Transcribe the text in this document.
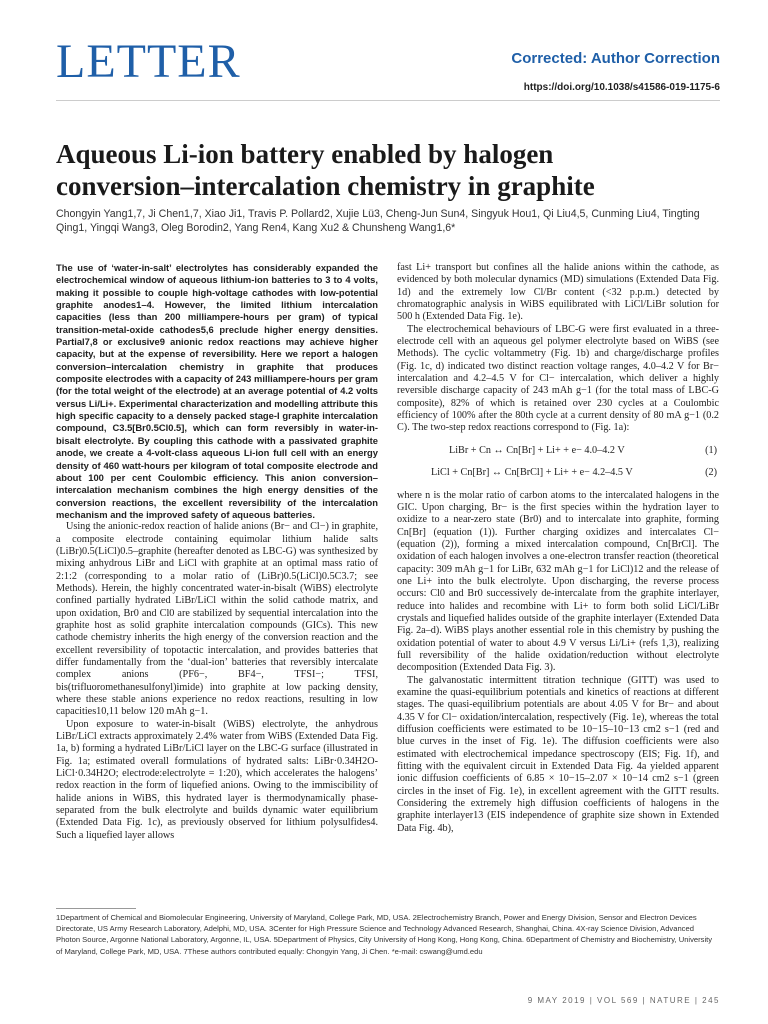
LETTER	Corrected: Author Correction
https://doi.org/10.1038/s41586-019-1175-6
Aqueous Li-ion battery enabled by halogen
conversion–intercalation chemistry in graphite
Chongyin Yang1,7, Ji Chen1,7, Xiao Ji1, Travis P. Pollard2, Xujie Lü3, Cheng-Jun Sun4, Singyuk Hou1, Qi Liu4,5, Cunming Liu4, Tingting Qing1, Yingqi Wang3, Oleg Borodin2, Yang Ren4, Kang Xu2 & Chunsheng Wang1,6*

The use of ‘water-in-salt’ electrolytes has considerably expanded the electrochemical window of aqueous lithium-ion batteries to 3 to 4 volts, making it possible to couple high-voltage cathodes with low-potential graphite anodes1–4. However, the limited lithium intercalation capacities (less than 200 milliampere-hours per gram) of typical transition-metal-oxide cathodes5,6 preclude higher energy densities. Partial7,8 or exclusive9 anionic redox reactions may achieve higher capacity, but at the expense of reversibility. Here we report a halogen conversion–intercalation chemistry in graphite that produces composite electrodes with a capacity of 243 milliampere-hours per gram (for the total weight of the electrode) at an average potential of 4.2 volts versus Li/Li+. Experimental characterization and modelling attribute this high specific capacity to a densely packed stage-I graphite intercalation compound, C3.5[Br0.5Cl0.5], which can form reversibly in water-in-bisalt electrolyte. By coupling this cathode with a passivated graphite anode, we create a 4-volt-class aqueous Li-ion full cell with an energy density of 460 watt-hours per kilogram of total composite electrode and about 100 per cent Coulombic efficiency. This anion conversion–intercalation mechanism combines the high energy densities of the conversion reactions, the excellent reversibility of the intercalation mechanism and the improved safety of aqueous batteries.

Using the anionic-redox reaction of halide anions (Br− and Cl−) in graphite, a composite electrode containing equimolar lithium halide salts (LiBr)0.5(LiCl)0.5–graphite (hereafter denoted as LBC-G) was synthesized by mixing anhydrous LiBr and LiCl with graphite at an optimal mass ratio of 2:1:2 (corresponding to a molar ratio of (LiBr)0.5(LiCl)0.5C3.7; see Methods). Herein, the highly concentrated water-in-bisalt (WiBS) electrolyte confined partially hydrated LiBr/LiCl within the solid cathode matrix, and upon oxidation, Br0 and Cl0 are stabilized by sequential intercalation into the graphite host as solid graphite intercalation compounds (GICs). This new cathode chemistry inherits the high energy of the conversion reaction and the excellent reversibility of topotactic intercalation, and provides batteries that differ fundamentally from the ‘dual-ion’ batteries that reversibly intercalate complex anions (PF6−, BF4−, TFSI−; TFSI, bis(trifluoromethanesulfonyl)imide) into graphite at low packing density, where these stable anions experience no redox reactions, resulting in low capacities10,11 below 120 mAh g−1.

Upon exposure to water-in-bisalt (WiBS) electrolyte, the anhydrous LiBr/LiCl extracts approximately 2.4% water from WiBS (Extended Data Fig. 1a, b) forming a hydrated LiBr/LiCl layer on the LBC-G surface (illustrated in Fig. 1a; estimated overall formulations of hydrated salts: LiBr·0.34H2O-LiCl·0.34H2O; electrode:electrolyte = 1:20), which accelerates the halogens’ redox reaction in the form of liquefied anions. Owing to the immiscibility of halide anions in WiBS, this hydrated layer is thermodynamically phase-separated from the bulk electrolyte and builds dynamic water equilibrium (Extended Data Fig. 1c), as previously observed for lithium polysulfides4. Such a liquefied layer allows

fast Li+ transport but confines all the halide anions within the cathode, as evidenced by both molecular dynamics (MD) simulations (Extended Data Fig. 1d) and the extremely low Cl/Br content (<32 p.p.m.) detected by chromatographic analysis in WiBS equilibrated with LiCl/LiBr solution for 500 h (Extended Data Fig. 1e).

The electrochemical behaviours of LBC-G were first evaluated in a three-electrode cell with an aqueous gel polymer electrolyte based on WiBS (see Methods). The cyclic voltammetry (Fig. 1b) and charge/discharge profiles (Fig. 1c, d) indicated two distinct reaction voltage ranges, 4.0–4.2 V for Br− intercalation and 4.2–4.5 V for Cl− intercalation, which deliver a highly reversible discharge capacity of 243 mAh g−1 (for the total mass of LBC-G composite), 82% of which is retained over 230 cycles at a Coulombic efficiency of 100% after the 80th cycle at a current density of 80 mA g−1 (0.2 C). The two-step redox reactions correspond to (Fig. 1a):

LiBr + Cn ↔ Cn[Br] + Li+ + e− 4.0–4.2 V	(1)
LiCl + Cn[Br] ↔ Cn[BrCl] + Li+ + e− 4.2–4.5 V	(2)

where n is the molar ratio of carbon atoms to the intercalated halogens in the GIC. Upon charging, Br− is the first species within the hydration layer to oxidize to a near-zero state (Br0) and to intercalate into graphite, forming Cn[Br] (equation (1)). Further charging oxidizes and intercalates Cl− (equation (2)), forming a mixed intercalation compound, Cn[BrCl]. The oxidation of each halogen involves a one-electron transfer reaction (theoretical capacity: 309 mAh g−1 for LiBr, 632 mAh g−1 for LiCl)12 and the release of one Li+ into the bulk electrolyte. Upon discharging, the reverse process occurs: Cl0 and Br0 successively de-intercalate from the graphite interlayer, reduce into halides and recombine with Li+ to form both solid LiCl/LiBr crystals and liquefied halides outside of the graphite interlayer (Extended Data Fig. 2a–d). WiBS plays another essential role in this chemistry by pushing the oxidation potential of water to about 4.9 V versus Li/Li+ (refs 1,3), realizing full reversibility of the halide oxidation/reduction without electrolyte decomposition (Extended Data Fig. 3).

The galvanostatic intermittent titration technique (GITT) was used to examine the quasi-equilibrium potentials and kinetics of reactions at different stages. The quasi-equilibrium potentials are about 4.05 V for Br− and about 4.35 V for Cl− oxidation/intercalation, respectively (Fig. 1e), whereas the total diffusion coefficients were estimated to be 10−15–10−13 cm2 s−1 (red and blue curves in the inset of Fig. 1e). The diffusion coefficients were also estimated with electrochemical impedance spectroscopy (EIS; Fig. 1f), and fitting with the equivalent circuit in Extended Data Fig. 4a yielded apparent ionic diffusion coefficients of 6.85 × 10−15–2.07 × 10−14 cm2 s−1 (green circles in the inset of Fig. 1e), in excellent agreement with the GITT results. Considering the extremely high diffusion coefficients of halogens in the graphite interlayer13 (EIS independence of graphite size shown in Extended Data Fig. 4b),

1Department of Chemical and Biomolecular Engineering, University of Maryland, College Park, MD, USA. 2Electrochemistry Branch, Power and Energy Division, Sensor and Electron Devices Directorate, US Army Research Laboratory, Adelphi, MD, USA. 3Center for High Pressure Science and Technology Advanced Research, Shanghai, China. 4X-ray Science Division, Advanced Photon Source, Argonne National Laboratory, Argonne, IL, USA. 5Department of Physics, City University of Hong Kong, Hong Kong, China. 6Department of Chemistry and Biochemistry, University of Maryland, College Park, MD, USA. 7These authors contributed equally: Chongyin Yang, Ji Chen. *e-mail: cswang@umd.edu
9 MAY 2019 | VOL 569 | NATURE | 245
